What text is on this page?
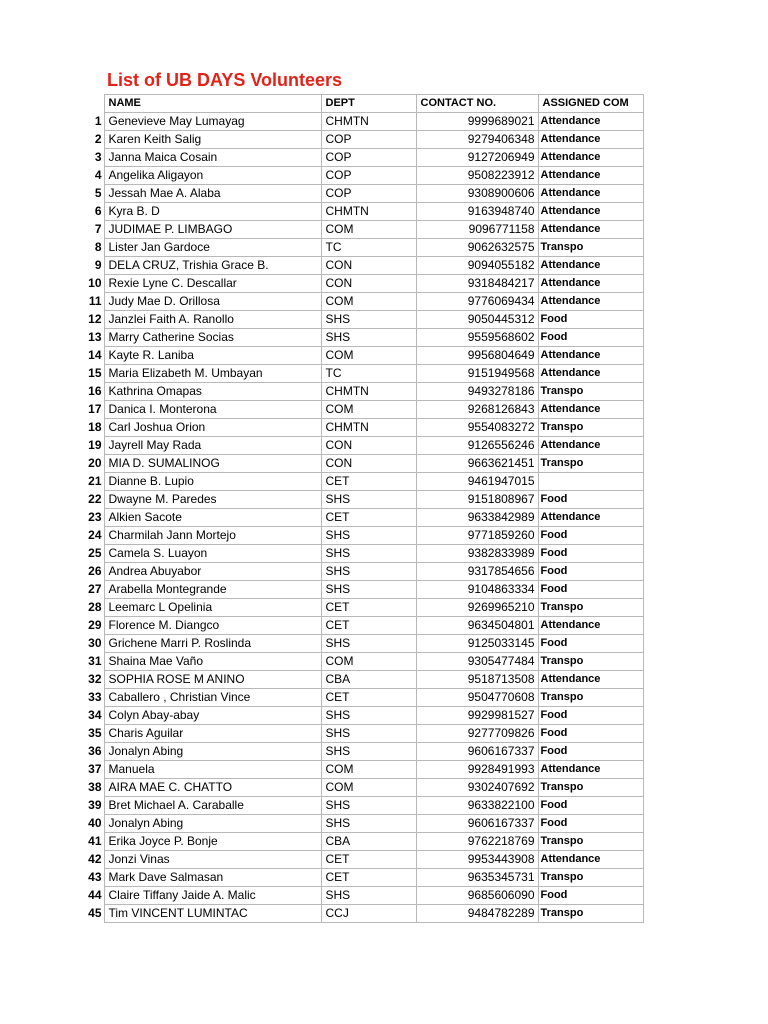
List of UB DAYS Volunteers
	NAME	DEPT	CONTACT NO.	ASSIGNED COM
1	Genevieve May Lumayag	CHMTN	9999689021	Attendance
2	Karen Keith Salig	COP	9279406348	Attendance
3	Janna Maica Cosain	COP	9127206949	Attendance
4	Angelika Aligayon	COP	9508223912	Attendance
5	Jessah Mae A. Alaba	COP	9308900606	Attendance
6	Kyra B. D	CHMTN	9163948740	Attendance
7	JUDIMAE P. LIMBAGO	COM	9096771158	Attendance
8	Lister Jan Gardoce	TC	9062632575	Transpo
9	DELA CRUZ, Trishia Grace B.	CON	9094055182	Attendance
10	Rexie Lyne C. Descallar	CON	9318484217	Attendance
11	Judy Mae D. Orillosa	COM	9776069434	Attendance
12	Janzlei Faith A. Ranollo	SHS	9050445312	Food
13	Marry Catherine Socias	SHS	9559568602	Food
14	Kayte R. Laniba	COM	9956804649	Attendance
15	Maria Elizabeth M. Umbayan	TC	9151949568	Attendance
16	Kathrina Omapas	CHMTN	9493278186	Transpo
17	Danica I. Monterona	COM	9268126843	Attendance
18	Carl Joshua Orion	CHMTN	9554083272	Transpo
19	Jayrell May Rada	CON	9126556246	Attendance
20	MIA D. SUMALINOG	CON	9663621451	Transpo
21	Dianne B. Lupio	CET	9461947015	
22	Dwayne M. Paredes	SHS	9151808967	Food
23	Alkien Sacote	CET	9633842989	Attendance
24	Charmilah Jann Mortejo	SHS	9771859260	Food
25	Camela S. Luayon	SHS	9382833989	Food
26	Andrea Abuyabor	SHS	9317854656	Food
27	Arabella Montegrande	SHS	9104863334	Food
28	Leemarc L Opelinia	CET	9269965210	Transpo
29	Florence M. Diangco	CET	9634504801	Attendance
30	Grichene Marri P. Roslinda	SHS	9125033145	Food
31	Shaina Mae Vaño	COM	9305477484	Transpo
32	SOPHIA ROSE M ANINO	CBA	9518713508	Attendance
33	Caballero , Christian Vince	CET	9504770608	Transpo
34	Colyn Abay-abay	SHS	9929981527	Food
35	Charis Aguilar	SHS	9277709826	Food
36	Jonalyn Abing	SHS	9606167337	Food
37	Manuela	COM	9928491993	Attendance
38	AIRA MAE C. CHATTO	COM	9302407692	Transpo
39	Bret Michael A. Caraballe	SHS	9633822100	Food
40	Jonalyn Abing	SHS	9606167337	Food
41	Erika Joyce P. Bonje	CBA	9762218769	Transpo
42	Jonzi Vinas	CET	9953443908	Attendance
43	Mark Dave Salmasan	CET	9635345731	Transpo
44	Claire Tiffany Jaide A. Malic	SHS	9685606090	Food
45	Tim VINCENT LUMINTAC	CCJ	9484782289	Transpo
